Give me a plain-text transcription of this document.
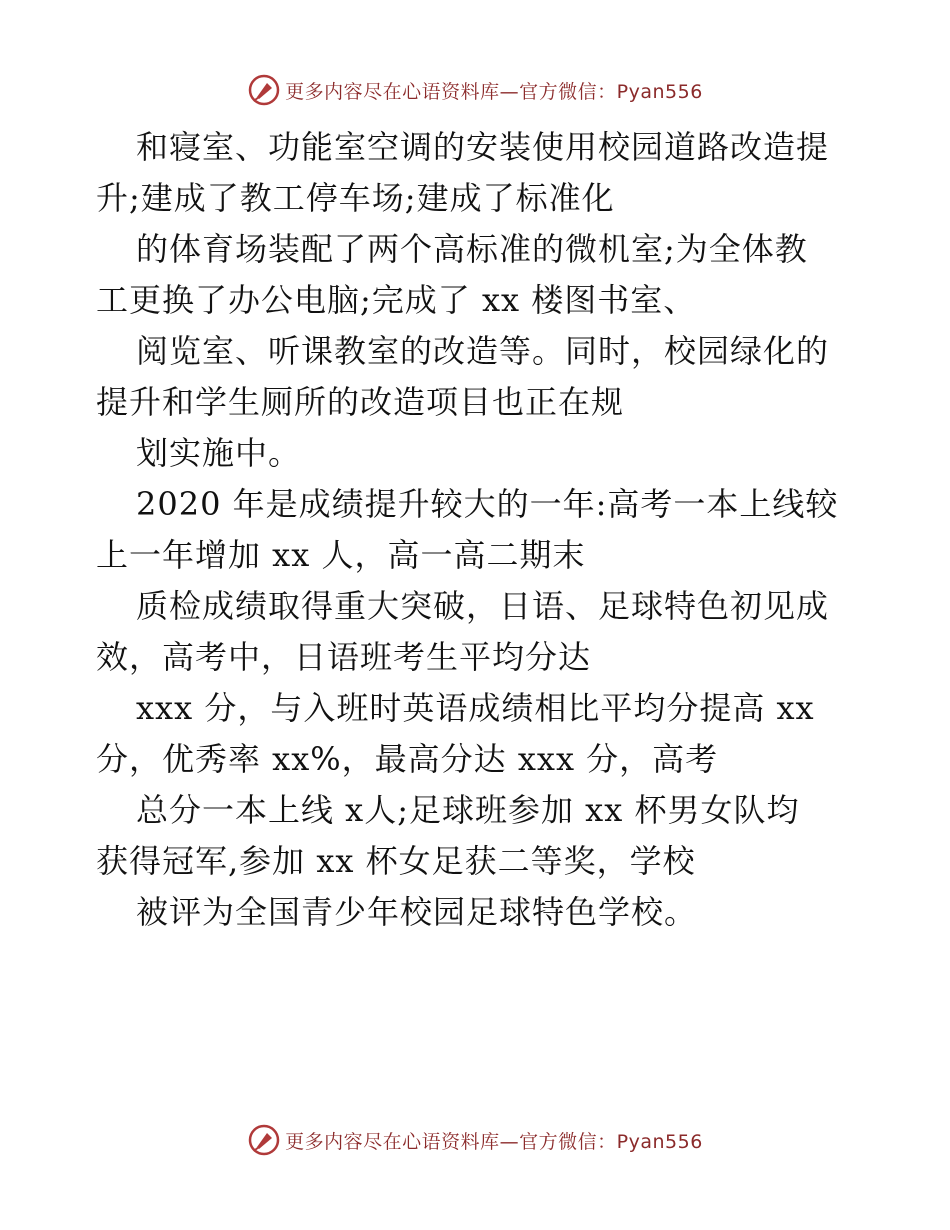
更多内容尽在心语资料库—官方微信：Pyan556
和寝室、功能室空调的安装使用校园道路改造提
升;建成了教工停车场;建成了标准化
的体育场装配了两个高标准的微机室;为全体教
工更换了办公电脑;完成了 xx 楼图书室、
阅览室、听课教室的改造等。同时，校园绿化的
提升和学生厕所的改造项目也正在规
划实施中。
2020 年是成绩提升较大的一年:高考一本上线较
上一年增加 xx 人，高一高二期末
质检成绩取得重大突破，日语、足球特色初见成
效，高考中，日语班考生平均分达
xxx 分，与入班时英语成绩相比平均分提高 xx
分，优秀率 xx%，最高分达 xxx 分，高考
总分一本上线 x人;足球班参加 xx 杯男女队均
获得冠军,参加 xx 杯女足获二等奖，学校
被评为全国青少年校园足球特色学校。
更多内容尽在心语资料库—官方微信：Pyan556
